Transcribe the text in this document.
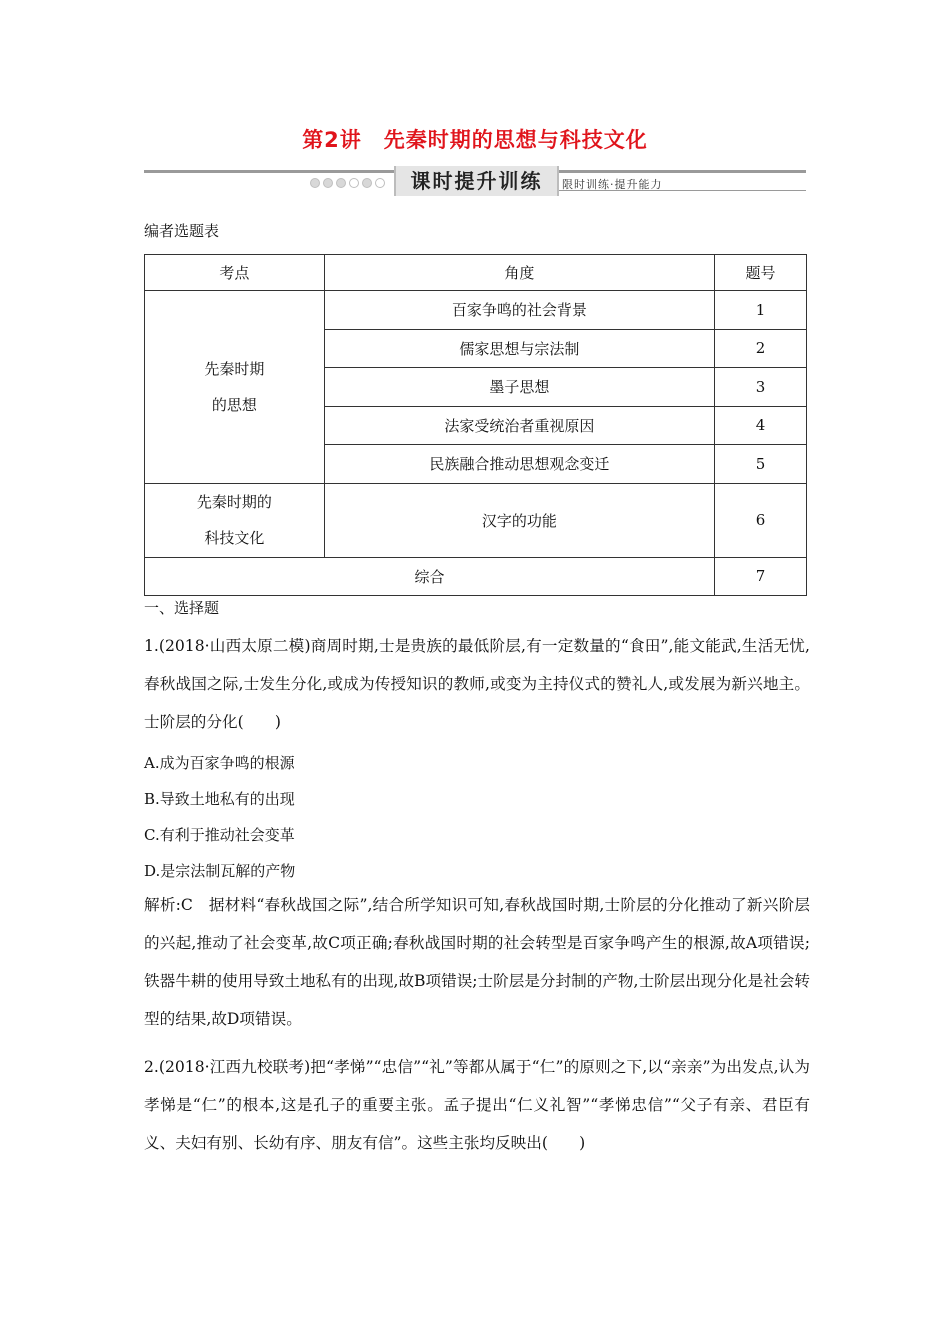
第2讲　先秦时期的思想与科技文化
课时提升训练	限时训练·提升能力
编者选题表
考点	角度	题号

先秦时期
的思想	百家争鸣的社会背景	1
	儒家思想与宗法制	2
	墨子思想	3
	法家受统治者重视原因	4
	民族融合推动思想观念变迁	5

先秦时期的
科技文化	汉字的功能	6
综合		7
一、选择题
1.(2018·山西太原二模)商周时期,士是贵族的最低阶层,有一定数量的“食田”,能文能武,生活无忧,春秋战国之际,士发生分化,或成为传授知识的教师,或变为主持仪式的赞礼人,或发展为新兴地主。士阶层的分化(　　)
A.成为百家争鸣的根源
B.导致土地私有的出现
C.有利于推动社会变革
D.是宗法制瓦解的产物
解析:C　据材料“春秋战国之际”,结合所学知识可知,春秋战国时期,士阶层的分化推动了新兴阶层的兴起,推动了社会变革,故C项正确;春秋战国时期的社会转型是百家争鸣产生的根源,故A项错误;铁器牛耕的使用导致土地私有的出现,故B项错误;士阶层是分封制的产物,士阶层出现分化是社会转型的结果,故D项错误。
2.(2018·江西九校联考)把“孝悌”“忠信”“礼”等都从属于“仁”的原则之下,以“亲亲”为出发点,认为孝悌是“仁”的根本,这是孔子的重要主张。孟子提出“仁义礼智”“孝悌忠信”“父子有亲、君臣有义、夫妇有别、长幼有序、朋友有信”。这些主张均反映出(　　)
